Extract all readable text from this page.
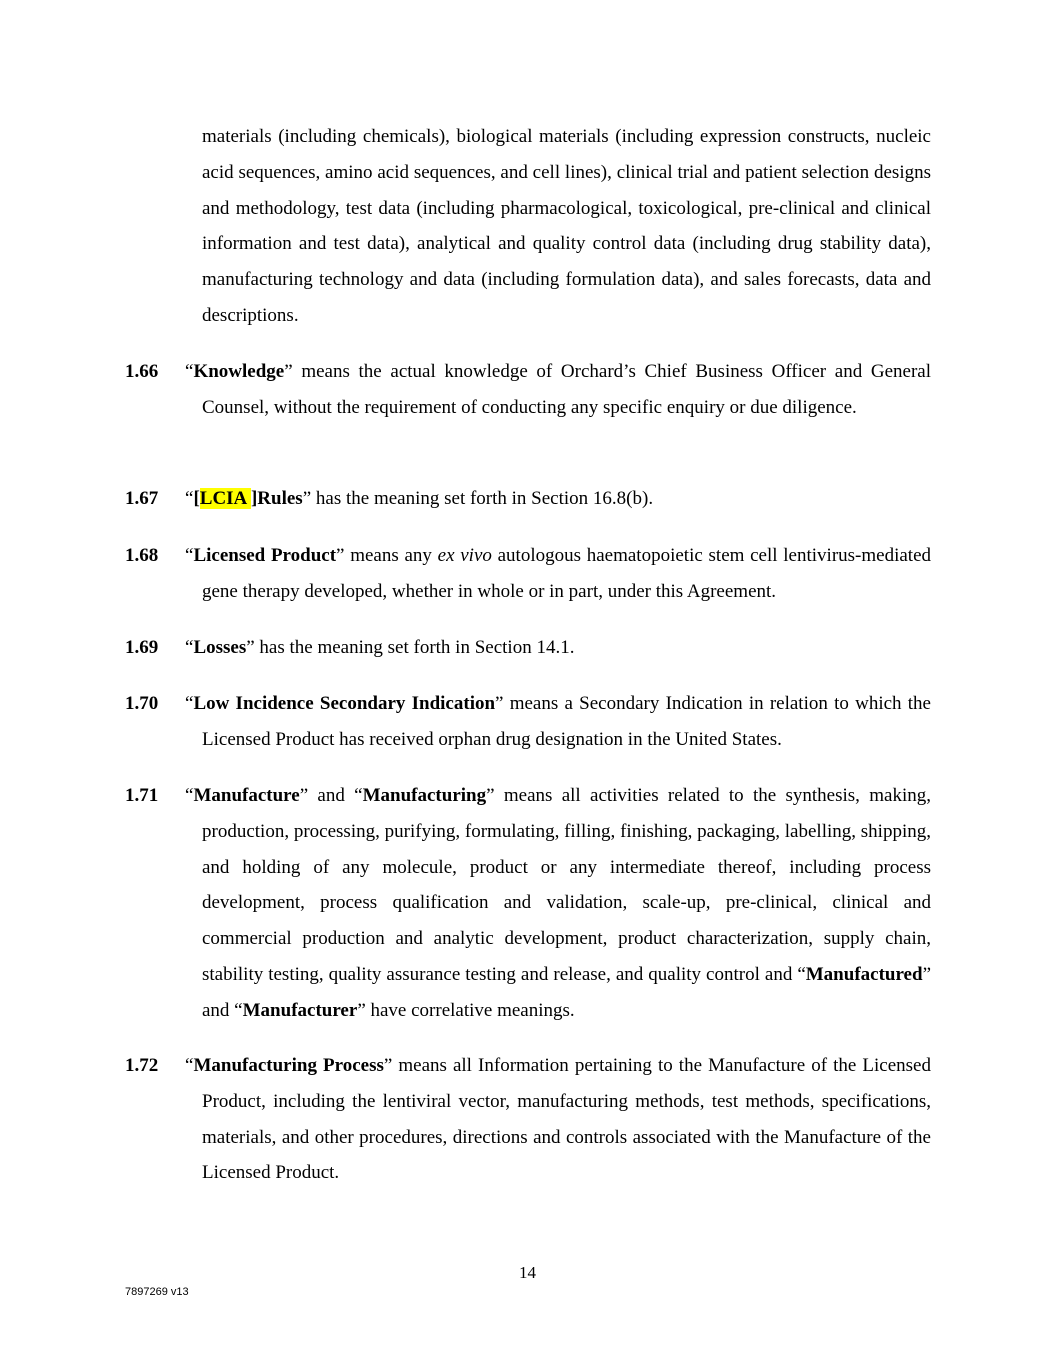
materials (including chemicals), biological materials (including expression constructs, nucleic acid sequences, amino acid sequences, and cell lines), clinical trial and patient selection designs and methodology, test data (including pharmacological, toxicological, pre-clinical and clinical information and test data), analytical and quality control data (including drug stability data), manufacturing technology and data (including formulation data), and sales forecasts, data and descriptions.
1.66 “Knowledge” means the actual knowledge of Orchard’s Chief Business Officer and General Counsel, without the requirement of conducting any specific enquiry or due diligence.
1.67 “[LCIA ]Rules” has the meaning set forth in Section 16.8(b).
1.68 “Licensed Product” means any ex vivo autologous haematopoietic stem cell lentivirus-mediated gene therapy developed, whether in whole or in part, under this Agreement.
1.69 “Losses” has the meaning set forth in Section 14.1.
1.70 “Low Incidence Secondary Indication” means a Secondary Indication in relation to which the Licensed Product has received orphan drug designation in the United States.
1.71 “Manufacture” and “Manufacturing” means all activities related to the synthesis, making, production, processing, purifying, formulating, filling, finishing, packaging, labelling, shipping, and holding of any molecule, product or any intermediate thereof, including process development, process qualification and validation, scale-up, pre-clinical, clinical and commercial production and analytic development, product characterization, supply chain, stability testing, quality assurance testing and release, and quality control and “Manufactured” and “Manufacturer” have correlative meanings.
1.72 “Manufacturing Process” means all Information pertaining to the Manufacture of the Licensed Product, including the lentiviral vector, manufacturing methods, test methods, specifications, materials, and other procedures, directions and controls associated with the Manufacture of the Licensed Product.
14
7897269 v13
